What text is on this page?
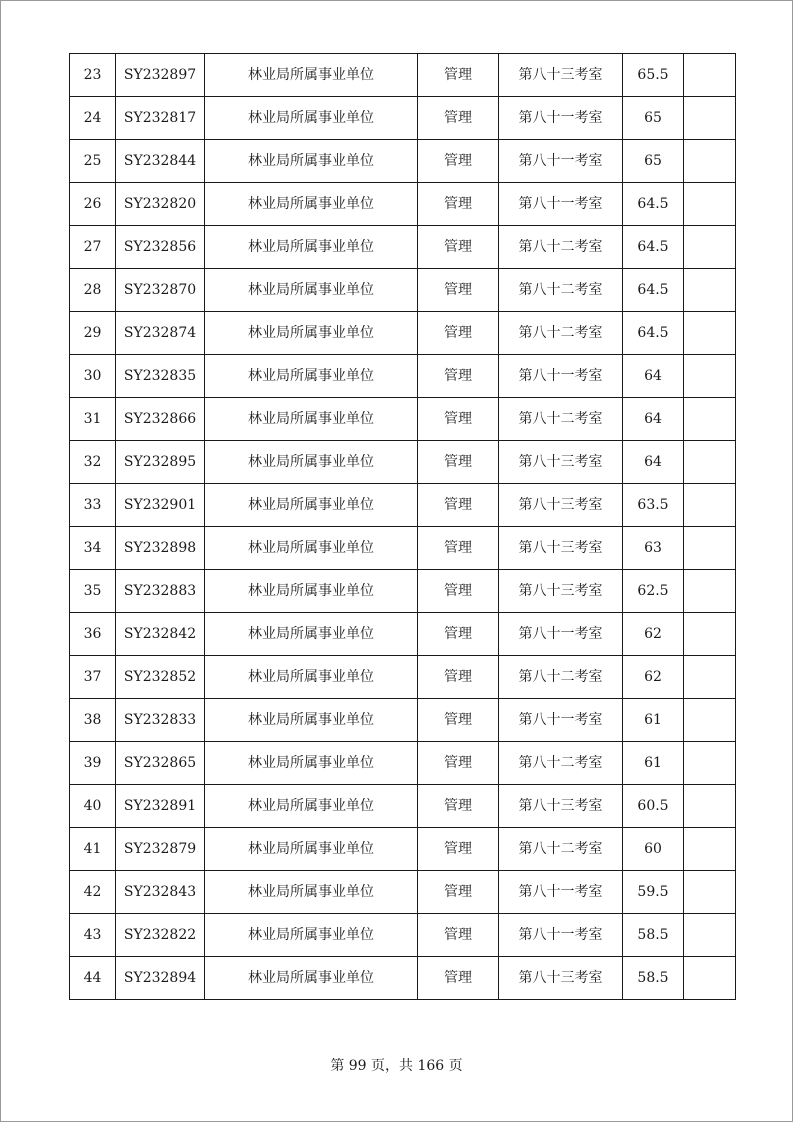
23	SY232897	林业局所属事业单位	管理	第八十三考室	65.5	
24	SY232817	林业局所属事业单位	管理	第八十一考室	65	
25	SY232844	林业局所属事业单位	管理	第八十一考室	65	
26	SY232820	林业局所属事业单位	管理	第八十一考室	64.5	
27	SY232856	林业局所属事业单位	管理	第八十二考室	64.5	
28	SY232870	林业局所属事业单位	管理	第八十二考室	64.5	
29	SY232874	林业局所属事业单位	管理	第八十二考室	64.5	
30	SY232835	林业局所属事业单位	管理	第八十一考室	64	
31	SY232866	林业局所属事业单位	管理	第八十二考室	64	
32	SY232895	林业局所属事业单位	管理	第八十三考室	64	
33	SY232901	林业局所属事业单位	管理	第八十三考室	63.5	
34	SY232898	林业局所属事业单位	管理	第八十三考室	63	
35	SY232883	林业局所属事业单位	管理	第八十三考室	62.5	
36	SY232842	林业局所属事业单位	管理	第八十一考室	62	
37	SY232852	林业局所属事业单位	管理	第八十二考室	62	
38	SY232833	林业局所属事业单位	管理	第八十一考室	61	
39	SY232865	林业局所属事业单位	管理	第八十二考室	61	
40	SY232891	林业局所属事业单位	管理	第八十三考室	60.5	
41	SY232879	林业局所属事业单位	管理	第八十二考室	60	
42	SY232843	林业局所属事业单位	管理	第八十一考室	59.5	
43	SY232822	林业局所属事业单位	管理	第八十一考室	58.5	
44	SY232894	林业局所属事业单位	管理	第八十三考室	58.5	
第 99 页，共 166 页
